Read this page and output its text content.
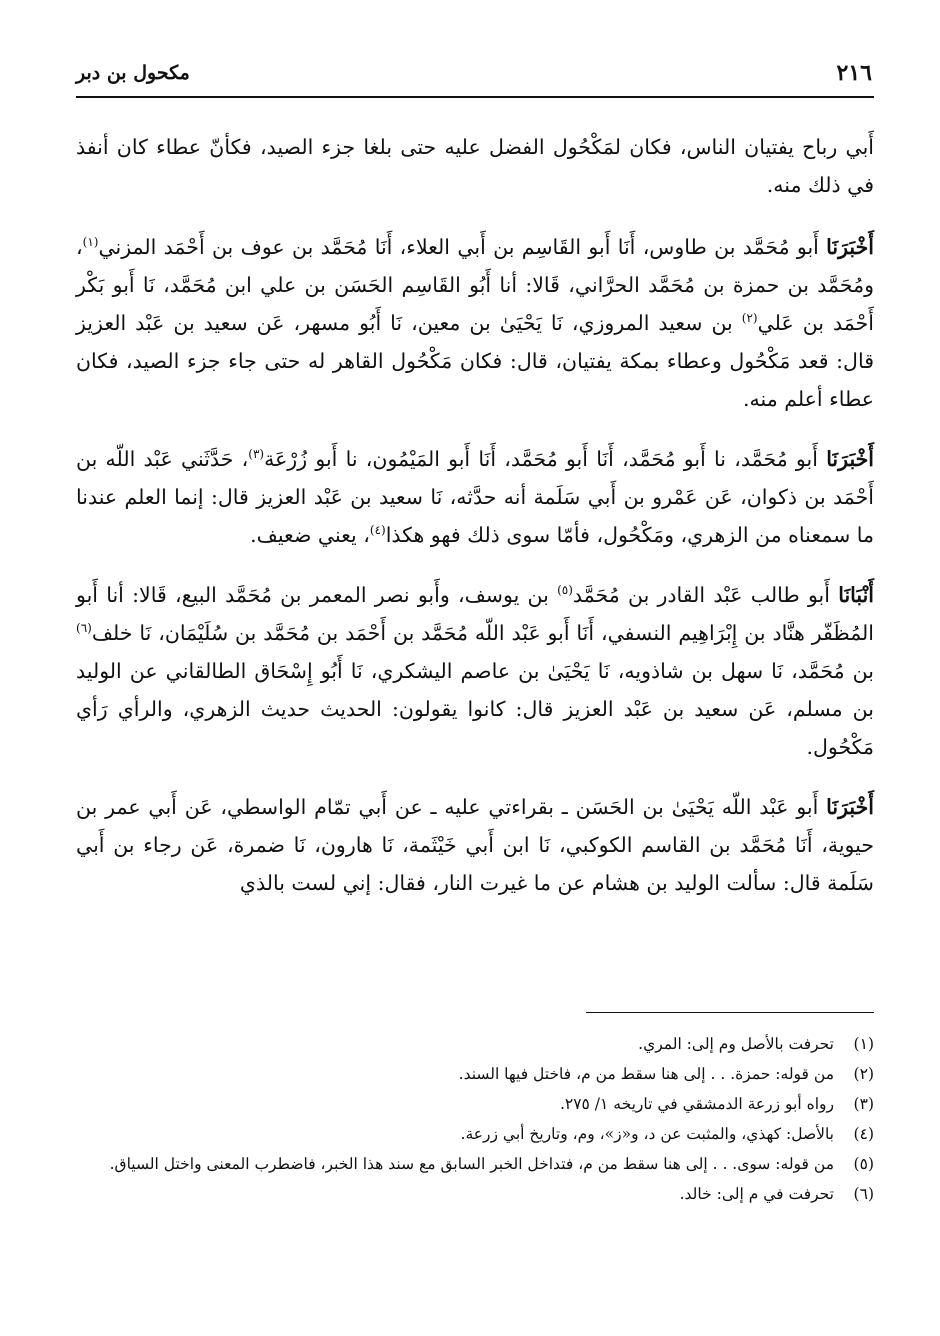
٢١٦
مكحول بن دبر

أَبي رباح يفتيان الناس، فكان لمَكْحُول الفضل عليه حتى بلغا جزء الصيد، فكأنّ عطاء كان أنفذ في ذلك منه.

أَخْبَرَنَا أَبو مُحَمَّد بن طاوس، أَنَا أَبو القَاسِم بن أَبي العلاء، أَنَا مُحَمَّد بن عوف بن أَحْمَد المزني$^{(١)}$، ومُحَمَّد بن حمزة بن مُحَمَّد الحرَّاني، قَالا: أنا أَبُو القَاسِم الحَسَن بن علي ابن مُحَمَّد، نَا أَبو بَكْر أَحْمَد بن عَلي$^{(٢)}$ بن سعيد المروزي، نَا يَحْيَىٰ بن معين، نَا أَبُو مسهر، عَن سعيد بن عَبْد العزيز قال: قعد مَكْحُول وعطاء بمكة يفتيان، قال: فكان مَكْحُول القاهر له حتى جاء جزء الصيد، فكان عطاء أعلم منه.

أَخْبَرَنَا أَبو مُحَمَّد، نا أَبو مُحَمَّد، أَنَا أَبو مُحَمَّد، أَنَا أَبو المَيْمُون، نا أَبو زُرْعَة$^{(٣)}$، حَدَّثَني عَبْد اللّه بن أَحْمَد بن ذكوان، عَن عَمْرو بن أَبي سَلَمة أنه حدَّثه، نَا سعيد بن عَبْد العزيز قال: إنما العلم عندنا ما سمعناه من الزهري، ومَكْحُول، فأمّا سوى ذلك فهو هكذا$^{(٤)}$، يعني ضعيف.

أَنْبَانَا أَبو طالب عَبْد القادر بن مُحَمَّد$^{(٥)}$ بن يوسف، وأَبو نصر المعمر بن مُحَمَّد البيع، قَالا: أنا أَبو المُظَفّر هنَّاد بن إِبْرَاهِيم النسفي، أَنَا أَبو عَبْد اللّه مُحَمَّد بن أَحْمَد بن مُحَمَّد بن سُلَيْمَان، نَا خلف$^{(٦)}$ بن مُحَمَّد، نَا سهل بن شاذويه، نَا يَحْيَىٰ بن عاصم اليشكري، نَا أَبُو إِسْحَاق الطالقاني عن الوليد بن مسلم، عَن سعيد بن عَبْد العزيز قال: كانوا يقولون: الحديث حديث الزهري، والرأي رَأي مَكْحُول.

أَخْبَرَنَا أَبو عَبْد اللّه يَحْيَىٰ بن الحَسَن ـ بقراءتي عليه ـ عن أَبي تمّام الواسطي، عَن أَبي عمر بن حيوية، أَنَا مُحَمَّد بن القاسم الكوكبي، نَا ابن أَبي خَيْثَمة، نَا هارون، نَا ضمرة، عَن رجاء بن أَبي سَلَمة قال: سألت الوليد بن هشام عن ما غيرت النار، فقال: إني لست بالذي

(١)
تحرفت بالأصل وم إلى: المري.
(٢)
من قوله: حمزة. . . إلى هنا سقط من م، فاختل فيها السند.
(٣)
رواه أبو زرعة الدمشقي في تاريخه ١/ ٢٧٥.
(٤)
بالأصل: كهذي، والمثبت عن د، و«ز»، وم، وتاريخ أبي زرعة.
(٥)
من قوله: سوى. . . إلى هنا سقط من م، فتداخل الخبر السابق مع سند هذا الخبر، فاضطرب المعنى واختل السياق.
(٦)
تحرفت في م إلى: خالد.
